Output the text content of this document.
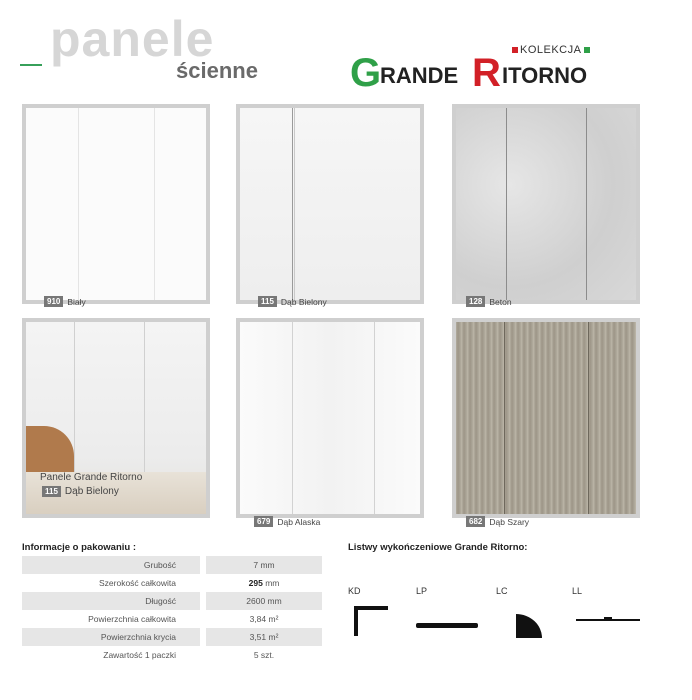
panele
ścienne
KOLEKCJA
G
RANDE R ITORNO
910 Biały	115 Dąb Bielony	128 Beton
Panele Grande Ritorno
115 Dąb Bielony
679 Dąb Alaska	682 Dąb Szary
Informacje o pakowaniu :
Grubość	7 mm
Szerokość całkowita	295 mm
Długość	2600 mm
Powierzchnia całkowita	3,84 m²
Powierzchnia krycia	3,51 m²
Zawartość 1 paczki	5 szt.
Listwy wykończeniowe Grande Ritorno:
KD	LP	LC	LL
